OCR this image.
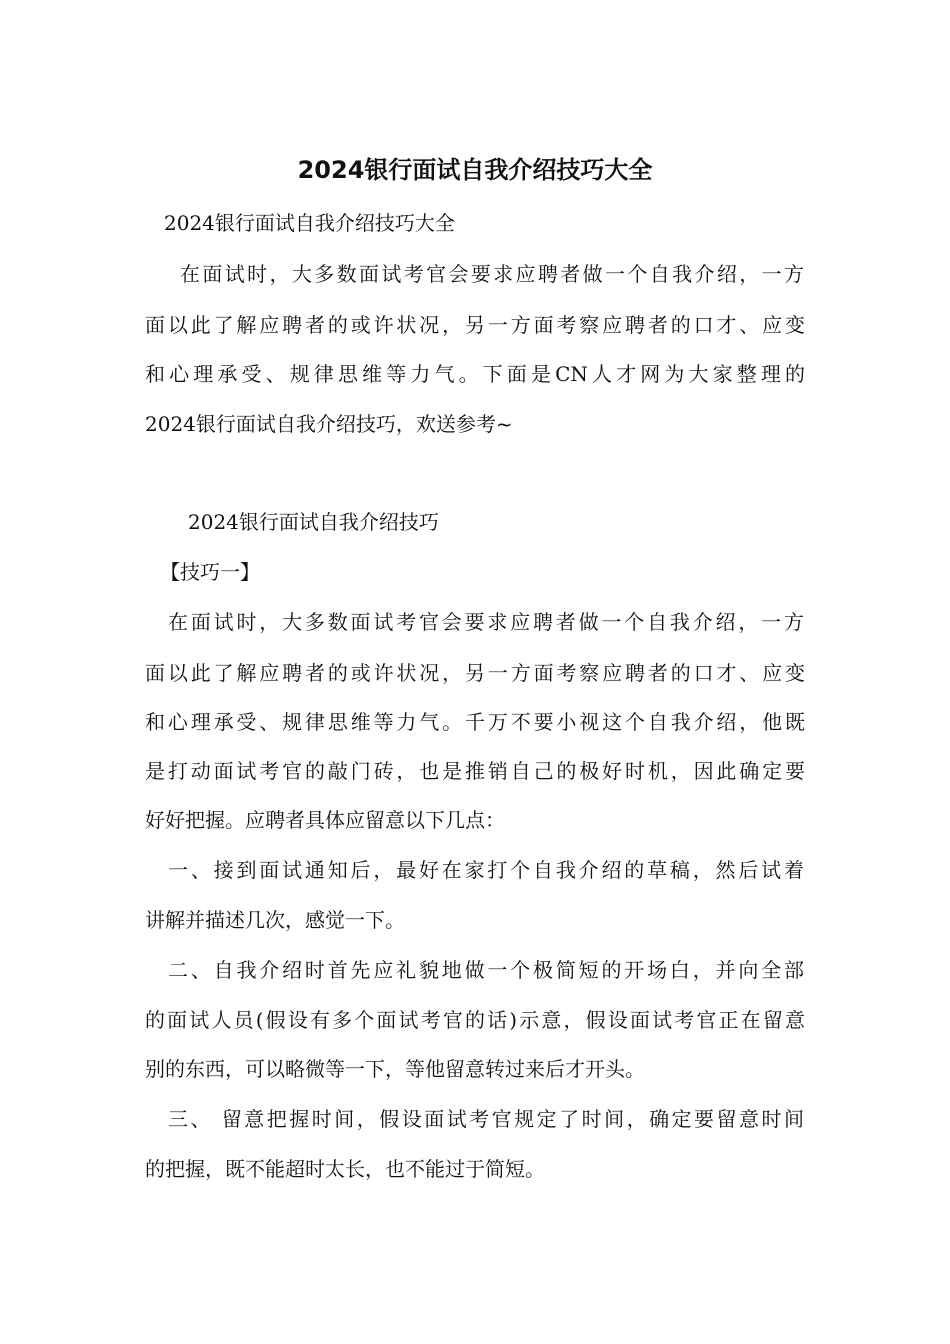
2024银行面试自我介绍技巧大全

2024银行面试自我介绍技巧大全

在面试时，大多数面试考官会要求应聘者做一个自我介绍，一方

面以此了解应聘者的或许状况，另一方面考察应聘者的口才、应变

和心理承受、规律思维等力气。下面是CN人才网为大家整理的

2024银行面试自我介绍技巧，欢送参考~

2024银行面试自我介绍技巧

【技巧一】

在面试时，大多数面试考官会要求应聘者做一个自我介绍，一方

面以此了解应聘者的或许状况，另一方面考察应聘者的口才、应变

和心理承受、规律思维等力气。千万不要小视这个自我介绍，他既

是打动面试考官的敲门砖，也是推销自己的极好时机，因此确定要

好好把握。应聘者具体应留意以下几点：

一、接到面试通知后，最好在家打个自我介绍的草稿，然后试着

讲解并描述几次，感觉一下。

二、自我介绍时首先应礼貌地做一个极简短的开场白，并向全部

的面试人员(假设有多个面试考官的话)示意，假设面试考官正在留意

别的东西，可以略微等一下，等他留意转过来后才开头。

三、 留意把握时间，假设面试考官规定了时间，确定要留意时间

的把握，既不能超时太长，也不能过于简短。
